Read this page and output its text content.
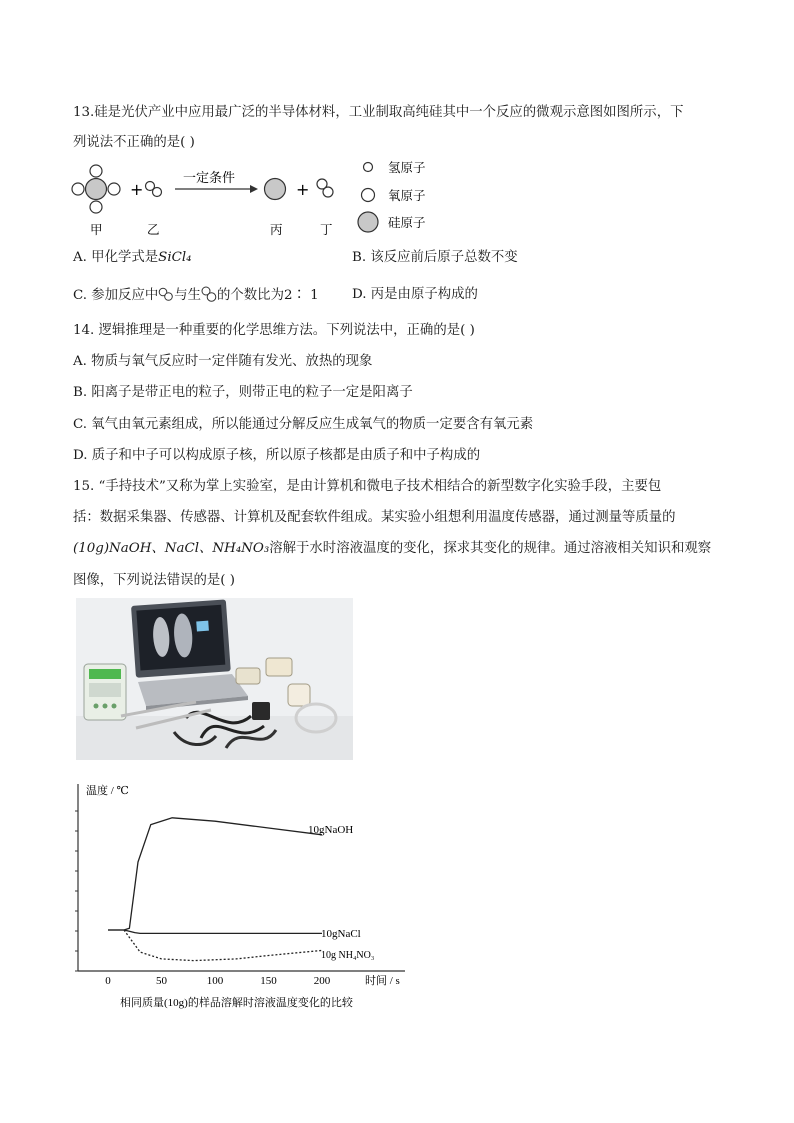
13.硅是光伏产业中应用最广泛的半导体材料，工业制取高纯硅其中一个反应的微观示意图如图所示，下
列说法不正确的是( )
+
一定条件
+
甲	乙	丙	丁
氢原子
氧原子
硅原子
A. 甲化学式是SiCl₄	B. 该反应前后原子总数不变
C. 参加反应中 与生 的个数比为2∶ 1 D. 丙是由原子构成的
14. 逻辑推理是一种重要的化学思维方法。下列说法中，正确的是( )
A. 物质与氧气反应时一定伴随有发光、放热的现象
B. 阳离子是带正电的粒子，则带正电的粒子一定是阳离子
C. 氧气由氧元素组成，所以能通过分解反应生成氧气的物质一定要含有氧元素
D. 质子和中子可以构成原子核，所以原子核都是由质子和中子构成的
15. “手持技术”又称为掌上实验室，是由计算机和微电子技术相结合的新型数字化实验手段，主要包
括：数据采集器、传感器、计算机及配套软件组成。某实验小组想利用温度传感器，通过测量等质量的
(10g)NaOH、NaCl、NH₄NO₃溶解于水时溶液温度的变化，探求其变化的规律。通过溶液相关知识和观察
图像，下列说法错误的是( )
0	50	100	150	200
温度 / ℃
时间 / s
10gNaOH
10gNaCl
10g NH₄NO₃
相同质量(10g)的样品溶解时溶液温度变化的比较
